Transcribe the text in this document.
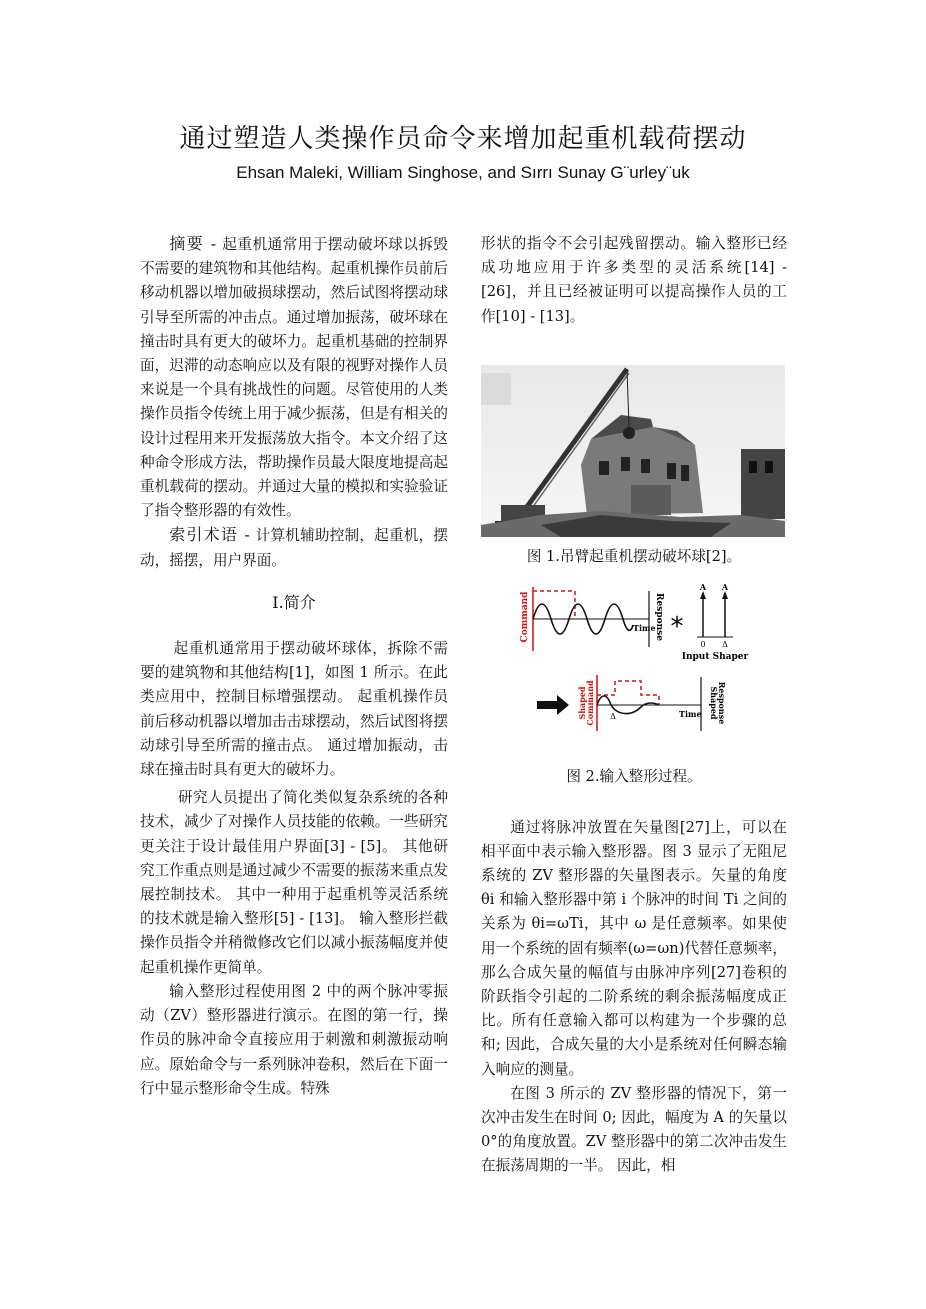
通过塑造人类操作员命令来增加起重机载荷摆动
Ehsan Maleki, William Singhose, and Sırrı Sunay G¨urley¨uk

摘要 - 起重机通常用于摆动破坏球以拆毁不需要的建筑物和其他结构。起重机操作员前后移动机器以增加破损球摆动，然后试图将摆动球引导至所需的冲击点。通过增加振荡，破坏球在撞击时具有更大的破坏力。起重机基础的控制界面，迟滞的动态响应以及有限的视野对操作人员来说是一个具有挑战性的问题。尽管使用的人类操作员指令传统上用于减少振荡，但是有相关的设计过程用来开发振荡放大指令。本文介绍了这种命令形成方法，帮助操作员最大限度地提高起重机载荷的摆动。并通过大量的模拟和实验验证了指令整形器的有效性。

索引术语 - 计算机辅助控制，起重机，摆动，摇摆，用户界面。

I.简介

起重机通常用于摆动破坏球体，拆除不需要的建筑物和其他结构[1]，如图 1 所示。在此类应用中，控制目标增强摆动。 起重机操作员前后移动机器以增加击击球摆动，然后试图将摆动球引导至所需的撞击点。 通过增加振动，击球在撞击时具有更大的破坏力。

研究人员提出了简化类似复杂系统的各种技术，减少了对操作人员技能的依赖。一些研究更关注于设计最佳用户界面[3] - [5]。 其他研究工作重点则是通过减少不需要的振荡来重点发展控制技术。 其中一种用于起重机等灵活系统的技术就是输入整形[5] - [13]。 输入整形拦截操作员指令并稍微修改它们以减小振荡幅度并使起重机操作更简单。

输入整形过程使用图 2 中的两个脉冲零振动（ZV）整形器进行演示。在图的第一行，操作员的脉冲命令直接应用于刺激和刺激振动响应。原始命令与一系列脉冲卷积，然后在下面一行中显示整形命令生成。特殊

形状的指令不会引起残留摆动。输入整形已经成功地应用于许多类型的灵活系统[14] - [26]，并且已经被证明可以提高操作人员的工作[10] - [13]。

图 1.吊臂起重机摆动破坏球[2]。

Command	Time
Response *
A A
0 Δ
Input Shaper
Shaped
Command Δ	Time Shaped
Response

图 2.输入整形过程。

通过将脉冲放置在矢量图[27]上，可以在相平面中表示输入整形器。图 3 显示了无阻尼系统的 ZV 整形器的矢量图表示。矢量的角度 θi 和输入整形器中第 i 个脉冲的时间 Ti 之间的关系为 θi=ωTi，其中 ω 是任意频率。如果使用一个系统的固有频率(ω=ωn)代替任意频率，那么合成矢量的幅值与由脉冲序列[27]卷积的阶跃指令引起的二阶系统的剩余振荡幅度成正比。所有任意输入都可以构建为一个步骤的总和; 因此，合成矢量的大小是系统对任何瞬态输入响应的测量。

在图 3 所示的 ZV 整形器的情况下，第一次冲击发生在时间 0; 因此，幅度为 A 的矢量以 0°的角度放置。ZV 整形器中的第二次冲击发生在振荡周期的一半。 因此，相
